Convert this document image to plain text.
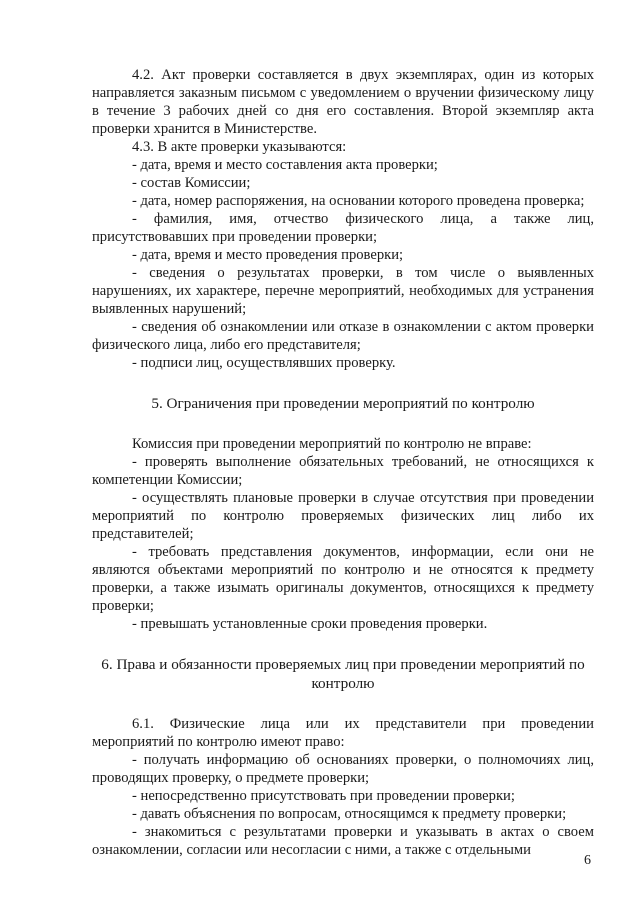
4.2. Акт проверки составляется в двух экземплярах, один из которых направляется заказным письмом с уведомлением о вручении физическому лицу в течение 3 рабочих дней со дня его составления. Второй экземпляр акта проверки хранится в Министерстве.

4.3. В акте проверки указываются:

- дата, время и место составления акта проверки;

- состав Комиссии;

- дата, номер распоряжения, на основании которого проведена проверка;

- фамилия, имя, отчество физического лица, а также лиц, присутствовавших при проведении проверки;

- дата, время и место проведения проверки;

- сведения о результатах проверки, в том числе о выявленных нарушениях, их характере, перечне мероприятий, необходимых для устранения выявленных нарушений;

- сведения об ознакомлении или отказе в ознакомлении с актом проверки физического лица, либо его представителя;

- подписи лиц, осуществлявших проверку.

5. Ограничения при проведении мероприятий по контролю

Комиссия при проведении мероприятий по контролю не вправе:

- проверять выполнение обязательных требований, не относящихся к компетенции Комиссии;

- осуществлять плановые проверки в случае отсутствия при проведении мероприятий по контролю проверяемых физических лиц либо их представителей;

- требовать представления документов, информации, если они не являются объектами мероприятий по контролю и не относятся к предмету проверки, а также изымать оригиналы документов, относящихся к предмету проверки;

- превышать установленные сроки проведения проверки.

6. Права и обязанности проверяемых лиц при проведении мероприятий по

контролю

6.1. Физические лица или их представители при проведении мероприятий по контролю имеют право:

- получать информацию об основаниях проверки, о полномочиях лиц, проводящих проверку, о предмете проверки;

- непосредственно присутствовать при проведении проверки;

- давать объяснения по вопросам, относящимся к предмету проверки;

- знакомиться с результатами проверки и указывать в актах о своем ознакомлении, согласии или несогласии с ними, а также с отдельными

6
